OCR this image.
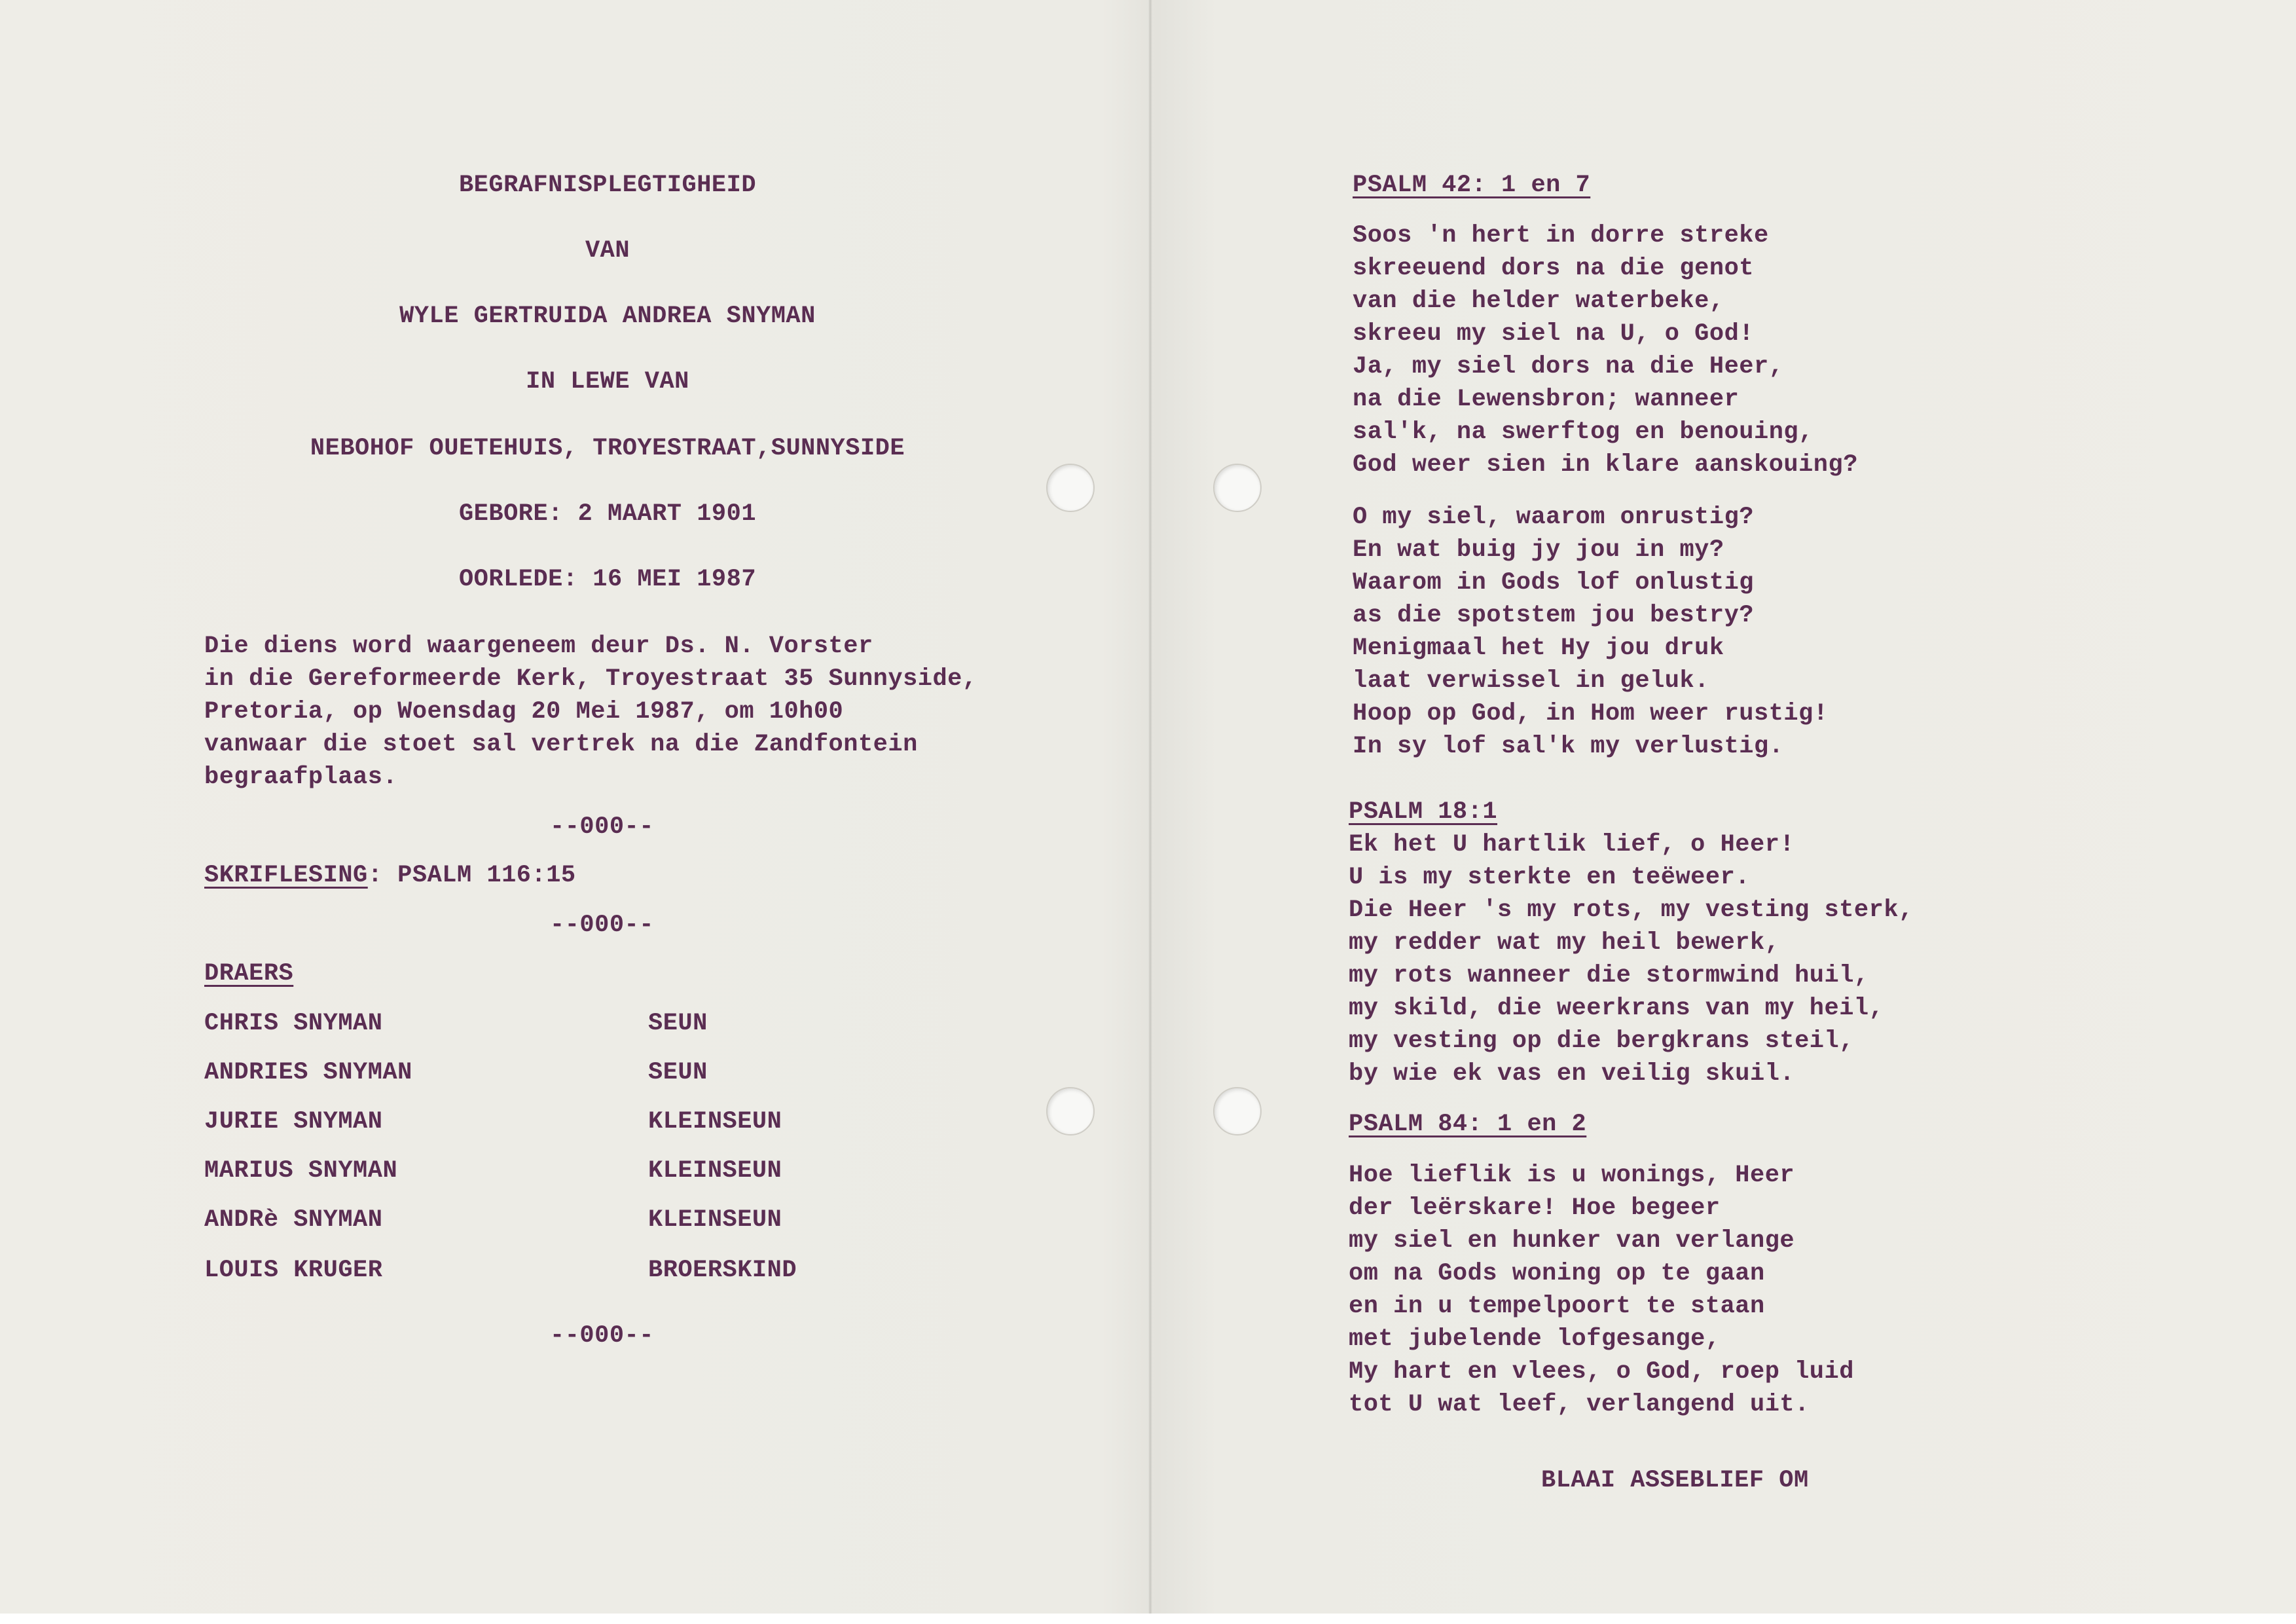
BEGRAFNISPLEGTIGHEID
VAN
WYLE GERTRUIDA ANDREA SNYMAN
IN LEWE VAN
NEBOHOF OUETEHUIS, TROYESTRAAT,SUNNYSIDE
GEBORE: 2 MAART 1901
OORLEDE: 16 MEI 1987
Die diens word waargeneem deur Ds. N. Vorster
in die Gereformeerde Kerk, Troyestraat 35 Sunnyside,
Pretoria, op Woensdag 20 Mei 1987, om 10h00
vanwaar die stoet sal vertrek na die Zandfontein
begraafplaas.
--000--
SKRIFLESING: PSALM 116:15
--000--
DRAERS
CHRIS SNYMAN	SEUN
ANDRIES SNYMAN	SEUN
JURIE SNYMAN	KLEINSEUN
MARIUS SNYMAN	KLEINSEUN
ANDRè SNYMAN	KLEINSEUN
LOUIS KRUGER	BROERSKIND
--000--
PSALM 42: 1 en 7
Soos 'n hert in dorre streke
skreeuend dors na die genot
van die helder waterbeke,
skreeu my siel na U, o God!
Ja, my siel dors na die Heer,
na die Lewensbron; wanneer
sal'k, na swerftog en benouing,
God weer sien in klare aanskouing?
O my siel, waarom onrustig?
En wat buig jy jou in my?
Waarom in Gods lof onlustig
as die spotstem jou bestry?
Menigmaal het Hy jou druk
laat verwissel in geluk.
Hoop op God, in Hom weer rustig!
In sy lof sal'k my verlustig.
PSALM 18:1
Ek het U hartlik lief, o Heer!
U is my sterkte en teëweer.
Die Heer 's my rots, my vesting sterk,
my redder wat my heil bewerk,
my rots wanneer die stormwind huil,
my skild, die weerkrans van my heil,
my vesting op die bergkrans steil,
by wie ek vas en veilig skuil.
PSALM 84: 1 en 2
Hoe lieflik is u wonings, Heer
der leërskare! Hoe begeer
my siel en hunker van verlange
om na Gods woning op te gaan
en in u tempelpoort te staan
met jubelende lofgesange,
My hart en vlees, o God, roep luid
tot U wat leef, verlangend uit.
BLAAI ASSEBLIEF OM
